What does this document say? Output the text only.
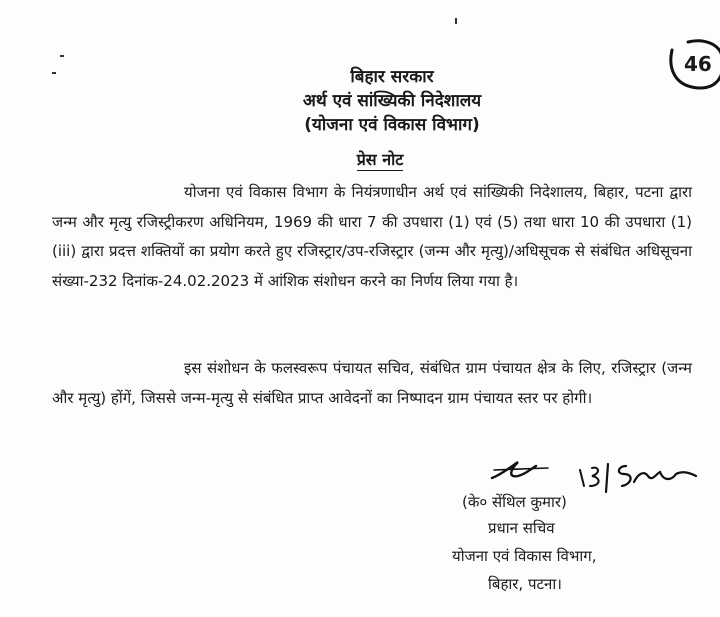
46
बिहार सरकार
अर्थ एवं सांख्यिकी निदेशालय
(योजना एवं विकास विभाग)
प्रेस नोट

योजना एवं विकास विभाग के नियंत्रणाधीन अर्थ एवं सांख्यिकी निदेशालय, बिहार, पटना द्वारा जन्म और मृत्यु रजिस्ट्रीकरण अधिनियम, 1969 की धारा 7 की उपधारा (1) एवं (5) तथा धारा 10 की उपधारा (1) (iii) द्वारा प्रदत्त शक्तियों का प्रयोग करते हुए रजिस्ट्रार/उप-रजिस्ट्रार (जन्म और मृत्यु)/अधिसूचक से संबंधित अधिसूचना संख्या-232 दिनांक-24.02.2023 में आंशिक संशोधन करने का निर्णय लिया गया है।

इस संशोधन के फलस्वरूप पंचायत सचिव, संबंधित ग्राम पंचायत क्षेत्र के लिए, रजिस्ट्रार (जन्म और मृत्यु) होंगें, जिससे जन्म-मृत्यु से संबंधित प्राप्त आवेदनों का निष्पादन ग्राम पंचायत स्तर पर होगी।

(के० सेंथिल कुमार)
प्रधान सचिव
योजना एवं विकास विभाग,
बिहार, पटना।
